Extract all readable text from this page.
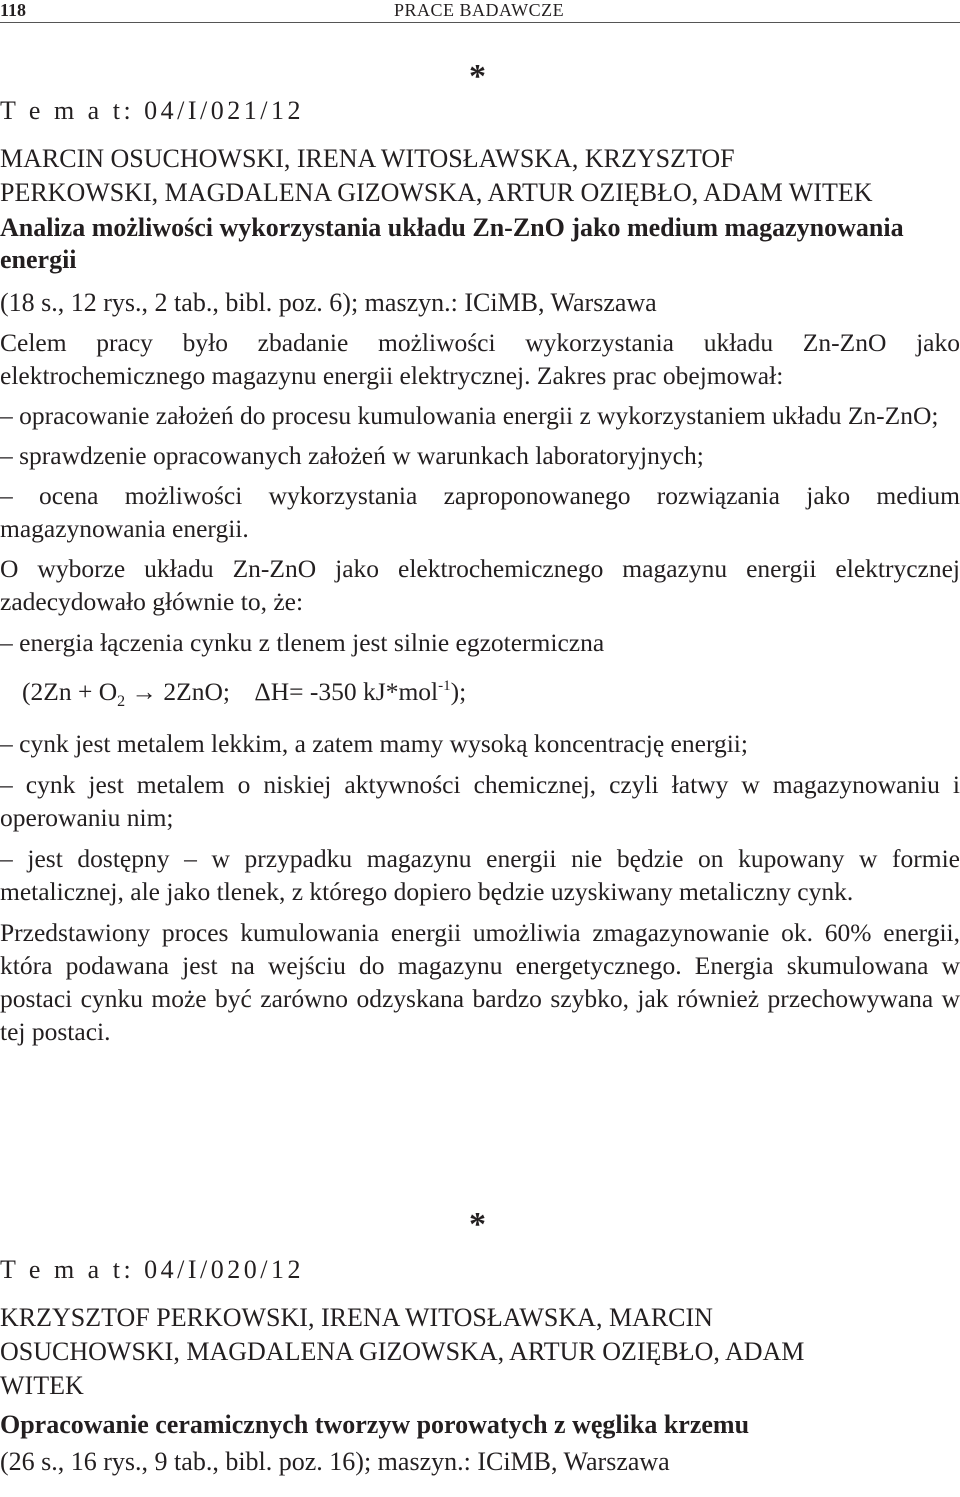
118	PRACE BADAWCZE
*
T e m a t: 04/I/021/12
MARCIN OSUCHOWSKI, IRENA WITOSŁAWSKA, KRZYSZTOF PERKOWSKI, MAGDALENA GIZOWSKA, ARTUR OZIĘBŁO, ADAM WITEK
Analiza możliwości wykorzystania układu Zn-ZnO jako medium magazynowania energii
(18 s., 12 rys., 2 tab., bibl. poz. 6); maszyn.: ICiMB, Warszawa
Celem pracy było zbadanie możliwości wykorzystania układu Zn-ZnO jako elektrochemicznego magazynu energii elektrycznej. Zakres prac obejmował:
– opracowanie założeń do procesu kumulowania energii z wykorzystaniem układu Zn-ZnO;
– sprawdzenie opracowanych założeń w warunkach laboratoryjnych;
– ocena możliwości wykorzystania zaproponowanego rozwiązania jako medium magazynowania energii.
O wyborze układu Zn-ZnO jako elektrochemicznego magazynu energii elektrycznej zadecydowało głównie to, że:
– energia łączenia cynku z tlenem jest silnie egzotermiczna
($2Zn + O_2 \to 2ZnO$; ΔH= -350 kJ*mol$^{-1}$);
– cynk jest metalem lekkim, a zatem mamy wysoką koncentrację energii;
– cynk jest metalem o niskiej aktywności chemicznej, czyli łatwy w magazynowaniu i operowaniu nim;
– jest dostępny – w przypadku magazynu energii nie będzie on kupowany w formie metalicznej, ale jako tlenek, z którego dopiero będzie uzyskiwany metaliczny cynk.
Przedstawiony proces kumulowania energii umożliwia zmagazynowanie ok. 60% energii, która podawana jest na wejściu do magazynu energetycznego. Energia skumulowana w postaci cynku może być zarówno odzyskana bardzo szybko, jak również przechowywana w tej postaci.
*
T e m a t: 04/I/020/12
KRZYSZTOF PERKOWSKI, IRENA WITOSŁAWSKA, MARCIN OSUCHOWSKI, MAGDALENA GIZOWSKA, ARTUR OZIĘBŁO, ADAM WITEK
Opracowanie ceramicznych tworzyw porowatych z węglika krzemu
(26 s., 16 rys., 9 tab., bibl. poz. 16); maszyn.: ICiMB, Warszawa
